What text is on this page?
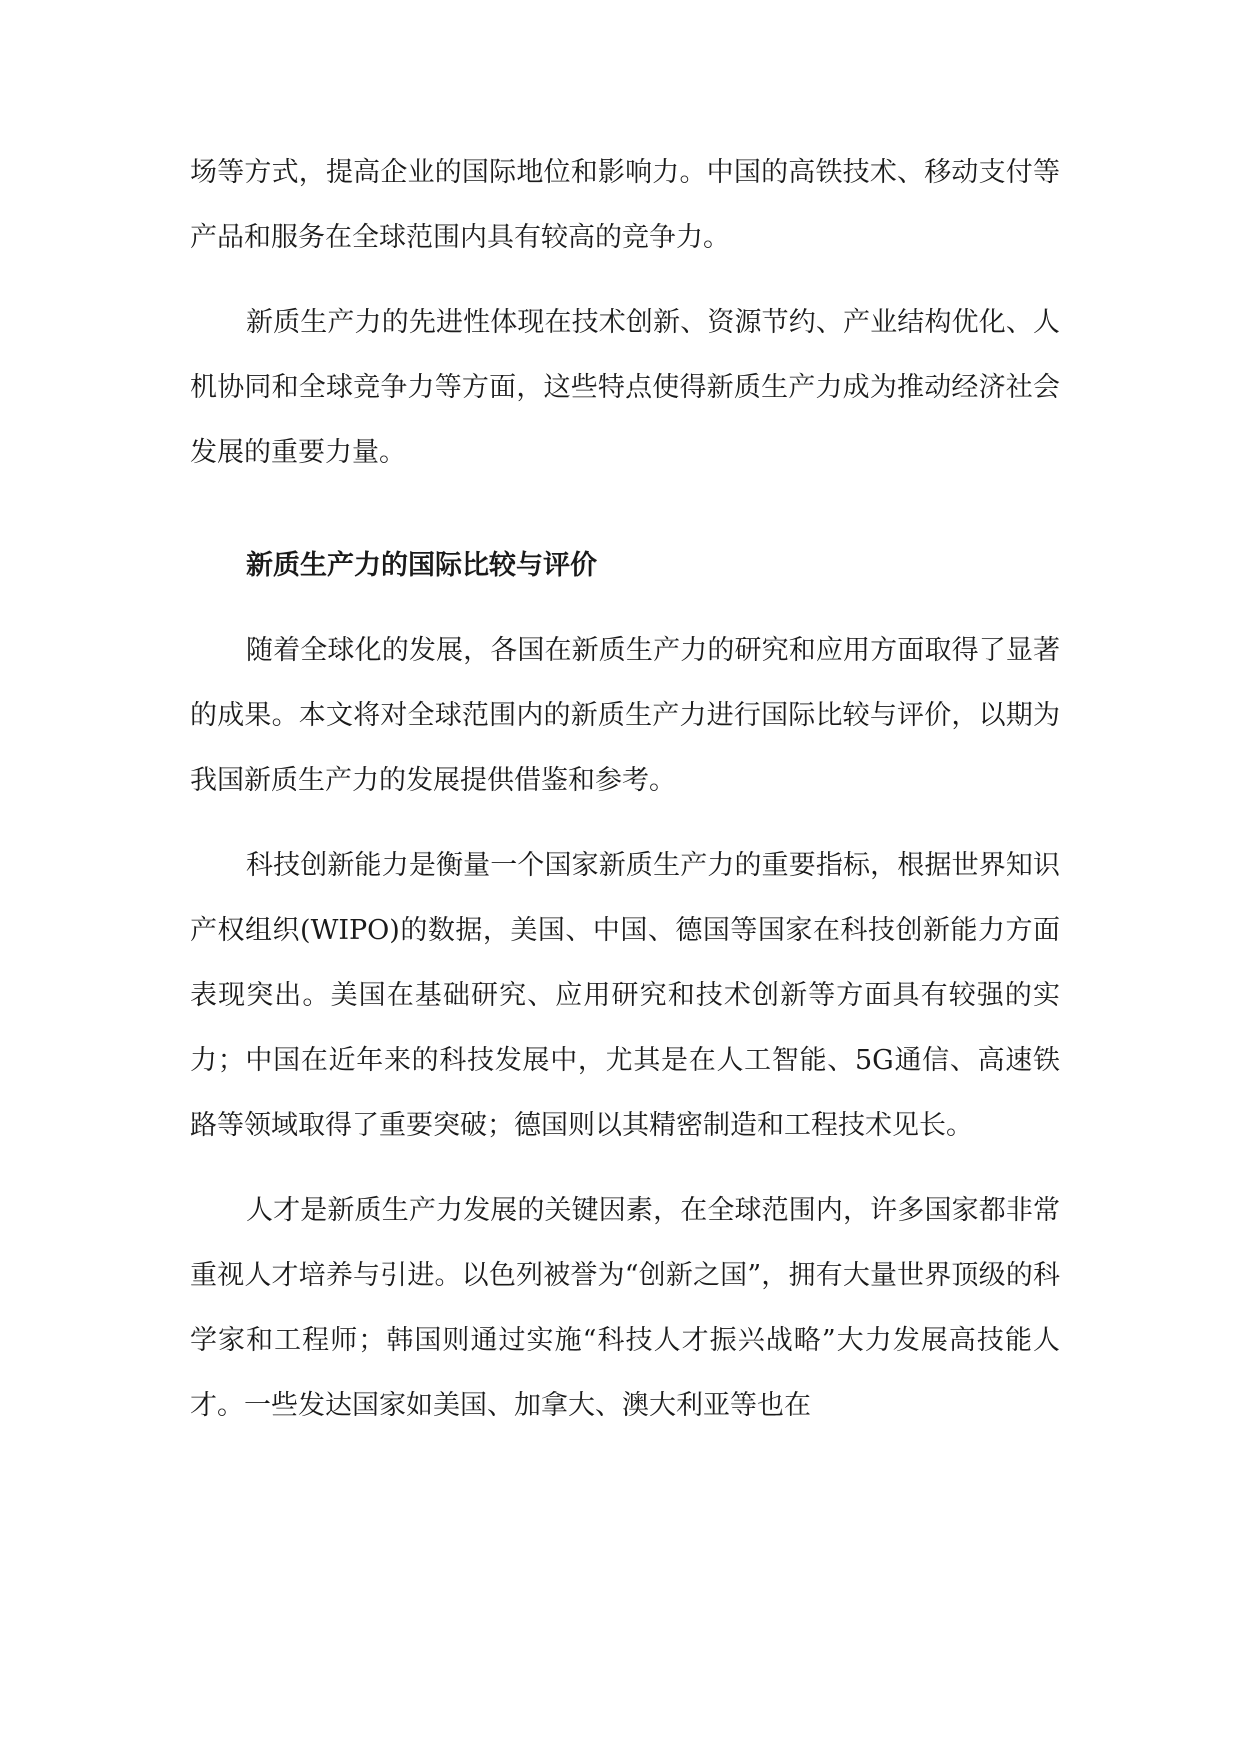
场等方式，提高企业的国际地位和影响力。中国的高铁技术、移动支付等产品和服务在全球范围内具有较高的竞争力。

新质生产力的先进性体现在技术创新、资源节约、产业结构优化、人机协同和全球竞争力等方面，这些特点使得新质生产力成为推动经济社会发展的重要力量。

新质生产力的国际比较与评价

随着全球化的发展，各国在新质生产力的研究和应用方面取得了显著的成果。本文将对全球范围内的新质生产力进行国际比较与评价，以期为我国新质生产力的发展提供借鉴和参考。

科技创新能力是衡量一个国家新质生产力的重要指标，根据世界知识产权组织(WIPO)的数据，美国、中国、德国等国家在科技创新能力方面表现突出。美国在基础研究、应用研究和技术创新等方面具有较强的实力；中国在近年来的科技发展中，尤其是在人工智能、5G通信、高速铁路等领域取得了重要突破；德国则以其精密制造和工程技术见长。

人才是新质生产力发展的关键因素，在全球范围内，许多国家都非常重视人才培养与引进。以色列被誉为“创新之国”，拥有大量世界顶级的科学家和工程师；韩国则通过实施“科技人才振兴战略”大力发展高技能人才。一些发达国家如美国、加拿大、澳大利亚等也在
